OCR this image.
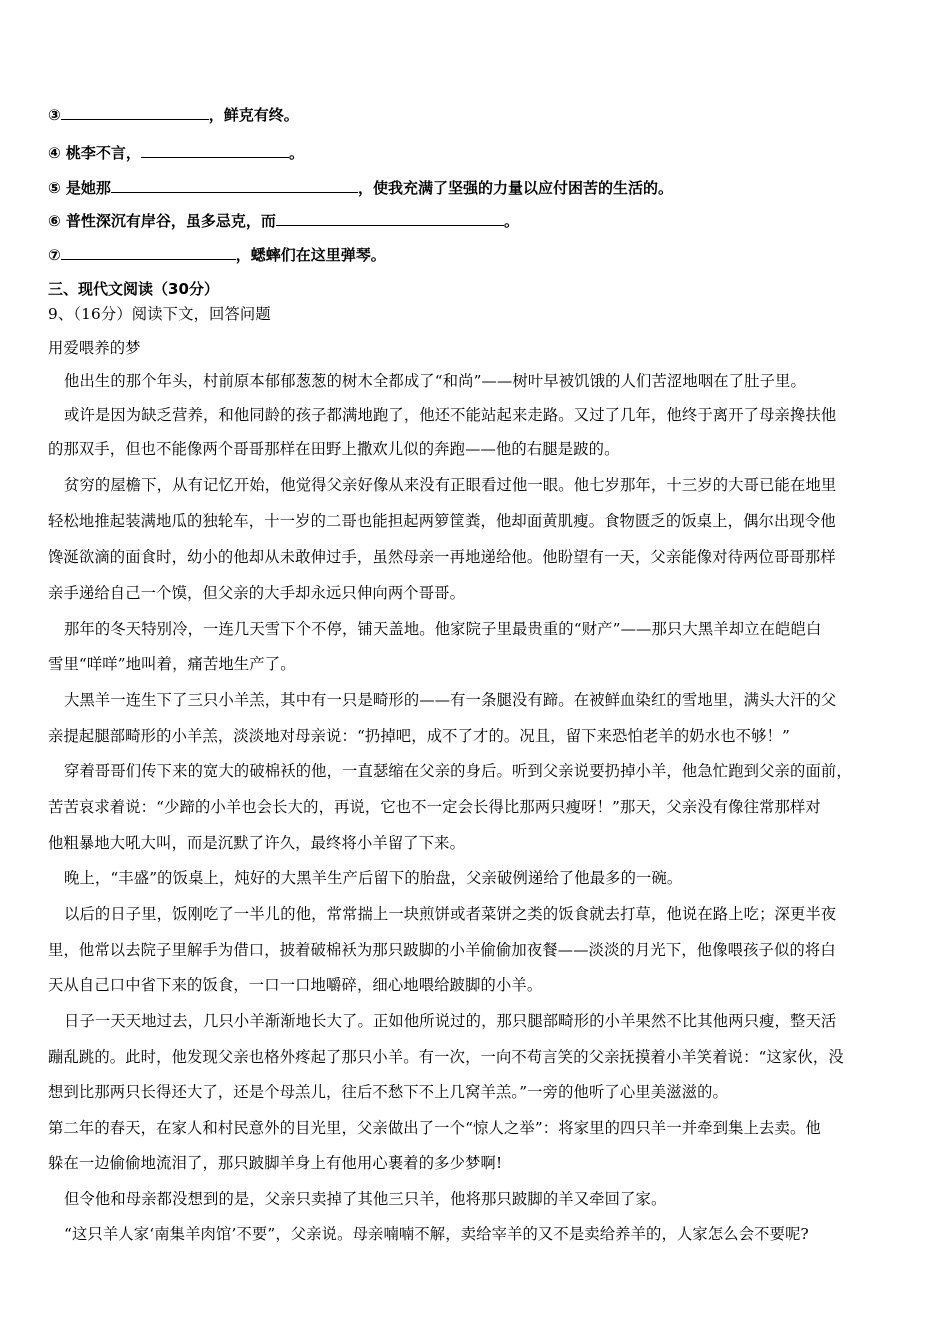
③	，鲜克有终。
④ 桃李不言，	。
⑤ 是她那	，使我充满了坚强的力量以应付困苦的生活的。
⑥ 普性深沉有岸谷，虽多忌克，而	。
⑦	，蟋蟀们在这里弹琴。
三、现代文阅读（30分）
9、（16分）阅读下文，回答问题
用爱喂养的梦
他出生的那个年头，村前原本郁郁葱葱的树木全都成了“和尚”——树叶早被饥饿的人们苦涩地咽在了肚子里。
或许是因为缺乏营养，和他同龄的孩子都满地跑了，他还不能站起来走路。又过了几年，他终于离开了母亲搀扶他
的那双手，但也不能像两个哥哥那样在田野上撒欢儿似的奔跑——他的右腿是跛的。
贫穷的屋檐下，从有记忆开始，他觉得父亲好像从来没有正眼看过他一眼。他七岁那年，十三岁的大哥已能在地里
轻松地推起装满地瓜的独轮车，十一岁的二哥也能担起两箩筐粪，他却面黄肌瘦。食物匮乏的饭桌上，偶尔出现令他
馋涎欲滴的面食时，幼小的他却从未敢伸过手，虽然母亲一再地递给他。他盼望有一天，父亲能像对待两位哥哥那样
亲手递给自己一个馍，但父亲的大手却永远只伸向两个哥哥。
那年的冬天特别冷，一连几天雪下个不停，铺天盖地。他家院子里最贵重的“财产”——那只大黑羊却立在皑皑白
雪里“咩咩”地叫着，痛苦地生产了。
大黑羊一连生下了三只小羊羔，其中有一只是畸形的——有一条腿没有蹄。在被鲜血染红的雪地里，满头大汗的父
亲提起腿部畸形的小羊羔，淡淡地对母亲说：“扔掉吧，成不了才的。况且，留下来恐怕老羊的奶水也不够！”
穿着哥哥们传下来的宽大的破棉袄的他，一直瑟缩在父亲的身后。听到父亲说要扔掉小羊，他急忙跑到父亲的面前，
苦苦哀求着说：“少蹄的小羊也会长大的，再说，它也不一定会长得比那两只瘦呀！”那天，父亲没有像往常那样对
他粗暴地大吼大叫，而是沉默了许久，最终将小羊留了下来。
晚上，“丰盛”的饭桌上，炖好的大黑羊生产后留下的胎盘，父亲破例递给了他最多的一碗。
以后的日子里，饭刚吃了一半儿的他，常常揣上一块煎饼或者菜饼之类的饭食就去打草，他说在路上吃；深更半夜
里，他常以去院子里解手为借口，披着破棉袄为那只跛脚的小羊偷偷加夜餐——淡淡的月光下，他像喂孩子似的将白
天从自己口中省下来的饭食，一口一口地嚼碎，细心地喂给跛脚的小羊。
日子一天天地过去，几只小羊渐渐地长大了。正如他所说过的，那只腿部畸形的小羊果然不比其他两只瘦，整天活
蹦乱跳的。此时，他发现父亲也格外疼起了那只小羊。有一次，一向不苟言笑的父亲抚摸着小羊笑着说：“这家伙，没
想到比那两只长得还大了，还是个母羔儿，往后不愁下不上几窝羊羔。”一旁的他听了心里美滋滋的。
第二年的春天，在家人和村民意外的目光里，父亲做出了一个“惊人之举”：将家里的四只羊一并牵到集上去卖。他
躲在一边偷偷地流泪了，那只跛脚羊身上有他用心裹着的多少梦啊!
但令他和母亲都没想到的是，父亲只卖掉了其他三只羊，他将那只跛脚的羊又牵回了家。
“这只羊人家‘南集羊肉馆’不要”，父亲说。母亲喃喃不解，卖给宰羊的又不是卖给养羊的，人家怎么会不要呢?
